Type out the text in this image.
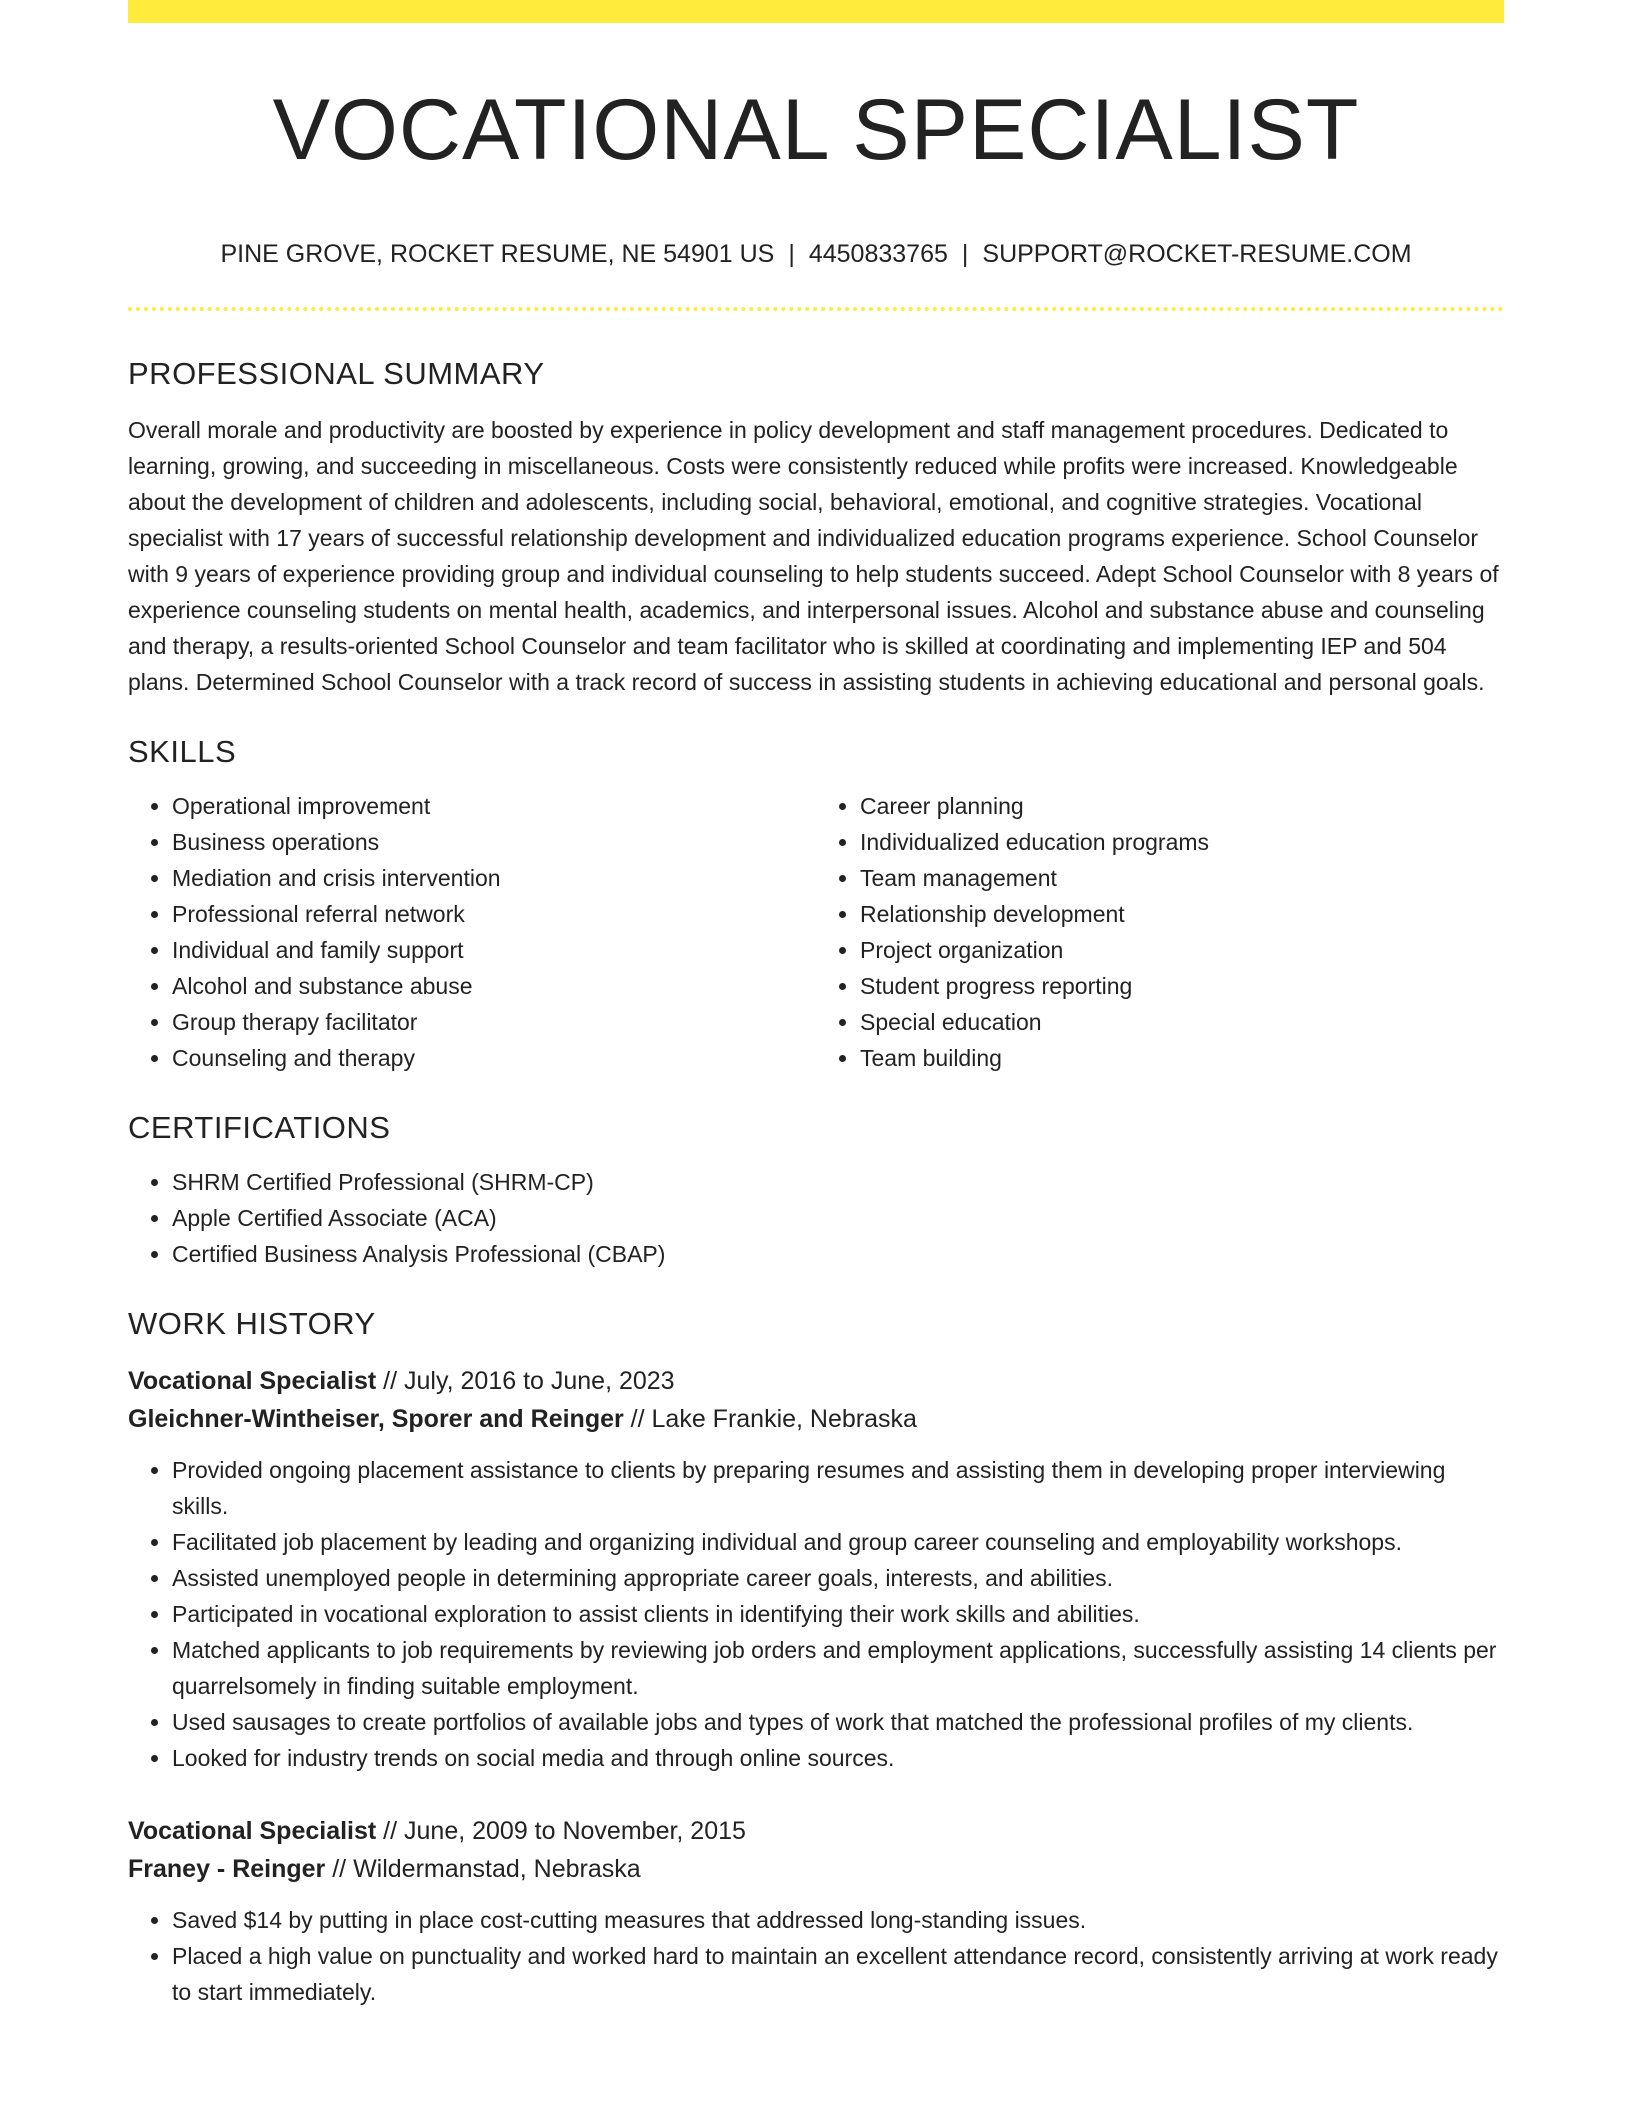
VOCATIONAL SPECIALIST
PINE GROVE, ROCKET RESUME, NE 54901 US | 4450833765 | SUPPORT@ROCKET-RESUME.COM
PROFESSIONAL SUMMARY

Overall morale and productivity are boosted by experience in policy development and staff management procedures. Dedicated to learning, growing, and succeeding in miscellaneous. Costs were consistently reduced while profits were increased. Knowledgeable about the development of children and adolescents, including social, behavioral, emotional, and cognitive strategies. Vocational specialist with 17 years of successful relationship development and individualized education programs experience. School Counselor with 9 years of experience providing group and individual counseling to help students succeed. Adept School Counselor with 8 years of experience counseling students on mental health, academics, and interpersonal issues. Alcohol and substance abuse and counseling and therapy, a results-oriented School Counselor and team facilitator who is skilled at coordinating and implementing IEP and 504 plans. Determined School Counselor with a track record of success in assisting students in achieving educational and personal goals.

SKILLS
• Operational improvement
• Business operations
• Mediation and crisis intervention
• Professional referral network
• Individual and family support
• Alcohol and substance abuse
• Group therapy facilitator
• Counseling and therapy
• Career planning
• Individualized education programs
• Team management
• Relationship development
• Project organization
• Student progress reporting
• Special education
• Team building
CERTIFICATIONS
• SHRM Certified Professional (SHRM-CP)
• Apple Certified Associate (ACA)
• Certified Business Analysis Professional (CBAP)
WORK HISTORY
Vocational Specialist // July, 2016 to June, 2023
Gleichner-Wintheiser, Sporer and Reinger // Lake Frankie, Nebraska
• Provided ongoing placement assistance to clients by preparing resumes and assisting them in developing proper interviewing skills.
• Facilitated job placement by leading and organizing individual and group career counseling and employability workshops.
• Assisted unemployed people in determining appropriate career goals, interests, and abilities.
• Participated in vocational exploration to assist clients in identifying their work skills and abilities.
• Matched applicants to job requirements by reviewing job orders and employment applications, successfully assisting 14 clients per quarrelsomely in finding suitable employment.
• Used sausages to create portfolios of available jobs and types of work that matched the professional profiles of my clients.
• Looked for industry trends on social media and through online sources.
Vocational Specialist // June, 2009 to November, 2015
Franey - Reinger // Wildermanstad, Nebraska
• Saved $14 by putting in place cost-cutting measures that addressed long-standing issues.
• Placed a high value on punctuality and worked hard to maintain an excellent attendance record, consistently arriving at work ready to start immediately.
